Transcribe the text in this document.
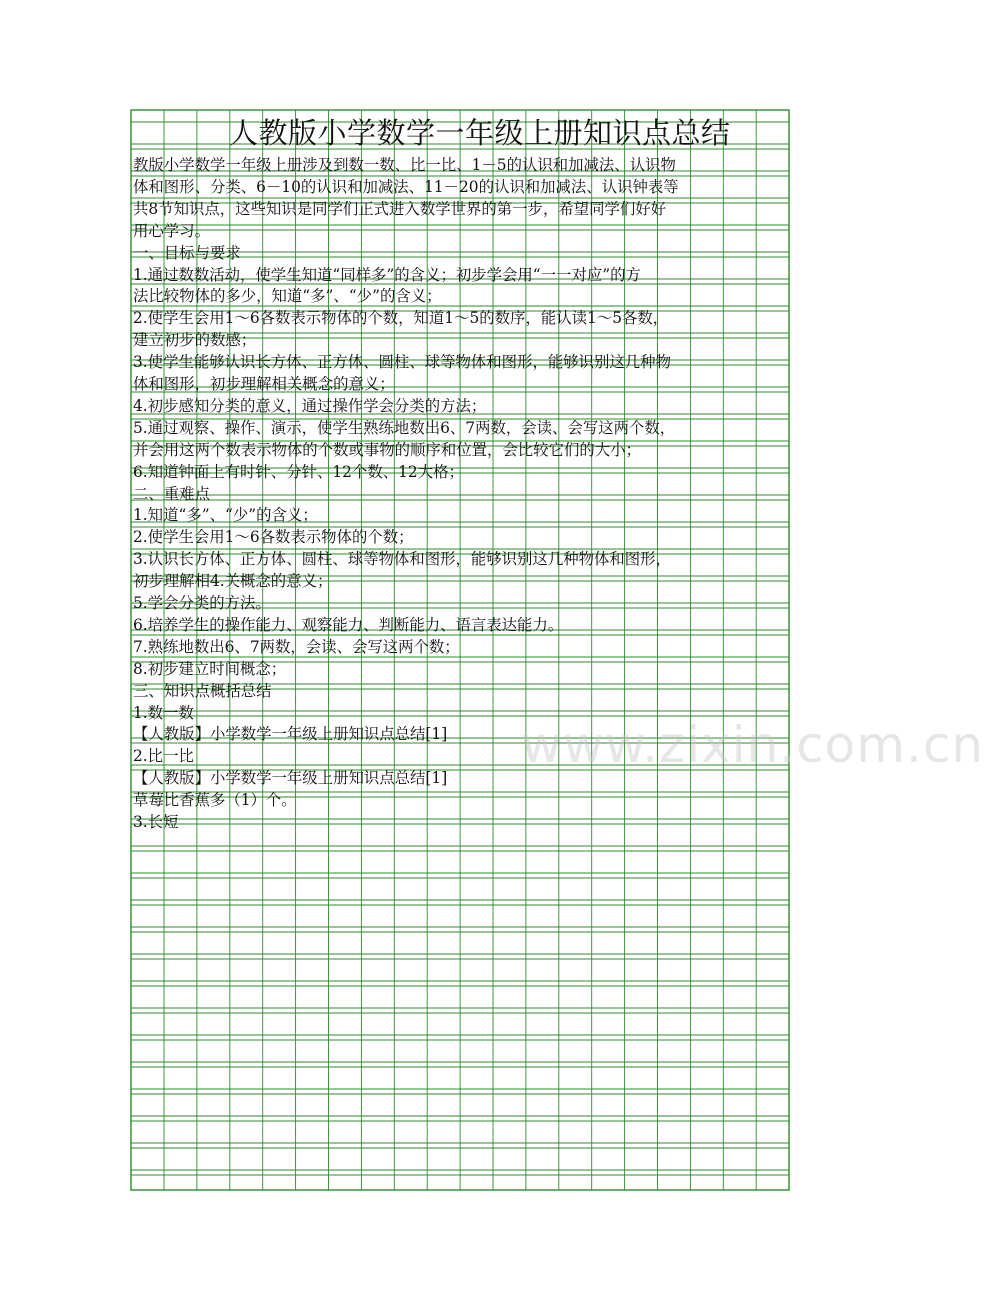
人教版小学数学一年级上册知识点总结
教版小学数学一年级上册涉及到数一数、比一比、1－5的认识和加减法、认识物
体和图形、分类、6－10的认识和加减法、11－20的认识和加减法、认识钟表等
共8节知识点，这些知识是同学们正式进入数学世界的第一步，希望同学们好好
用心学习。
一、目标与要求
1.通过数数活动，使学生知道“同样多”的含义；初步学会用“一一对应”的方
法比较物体的多少，知道“多”、“少”的含义；
2.使学生会用1～6各数表示物体的个数，知道1～5的数序，能认读1～5各数，
建立初步的数感；
3.使学生能够认识长方体、正方体、圆柱、球等物体和图形，能够识别这几种物
体和图形，初步理解相关概念的意义；
4.初步感知分类的意义，通过操作学会分类的方法；
5.通过观察、操作、演示，使学生熟练地数出6、7两数，会读、会写这两个数，
并会用这两个数表示物体的个数或事物的顺序和位置，会比较它们的大小；
6.知道钟面上有时针、分针、12个数、12大格；
二、重难点
1.知道“多”、“少”的含义；
2.使学生会用1～6各数表示物体的个数；
3.认识长方体、正方体、圆柱、球等物体和图形，能够识别这几种物体和图形，
初步理解相4.关概念的意义；
5.学会分类的方法。
6.培养学生的操作能力、观察能力、判断能力、语言表达能力。
7.熟练地数出6、7两数，会读、会写这两个数；
8.初步建立时间概念；
三、知识点概括总结
1.数一数
【人教版】小学数学一年级上册知识点总结[1]
2.比一比
【人教版】小学数学一年级上册知识点总结[1]
草莓比香蕉多（1）个。
3.长短
www.zixin.com.cn
